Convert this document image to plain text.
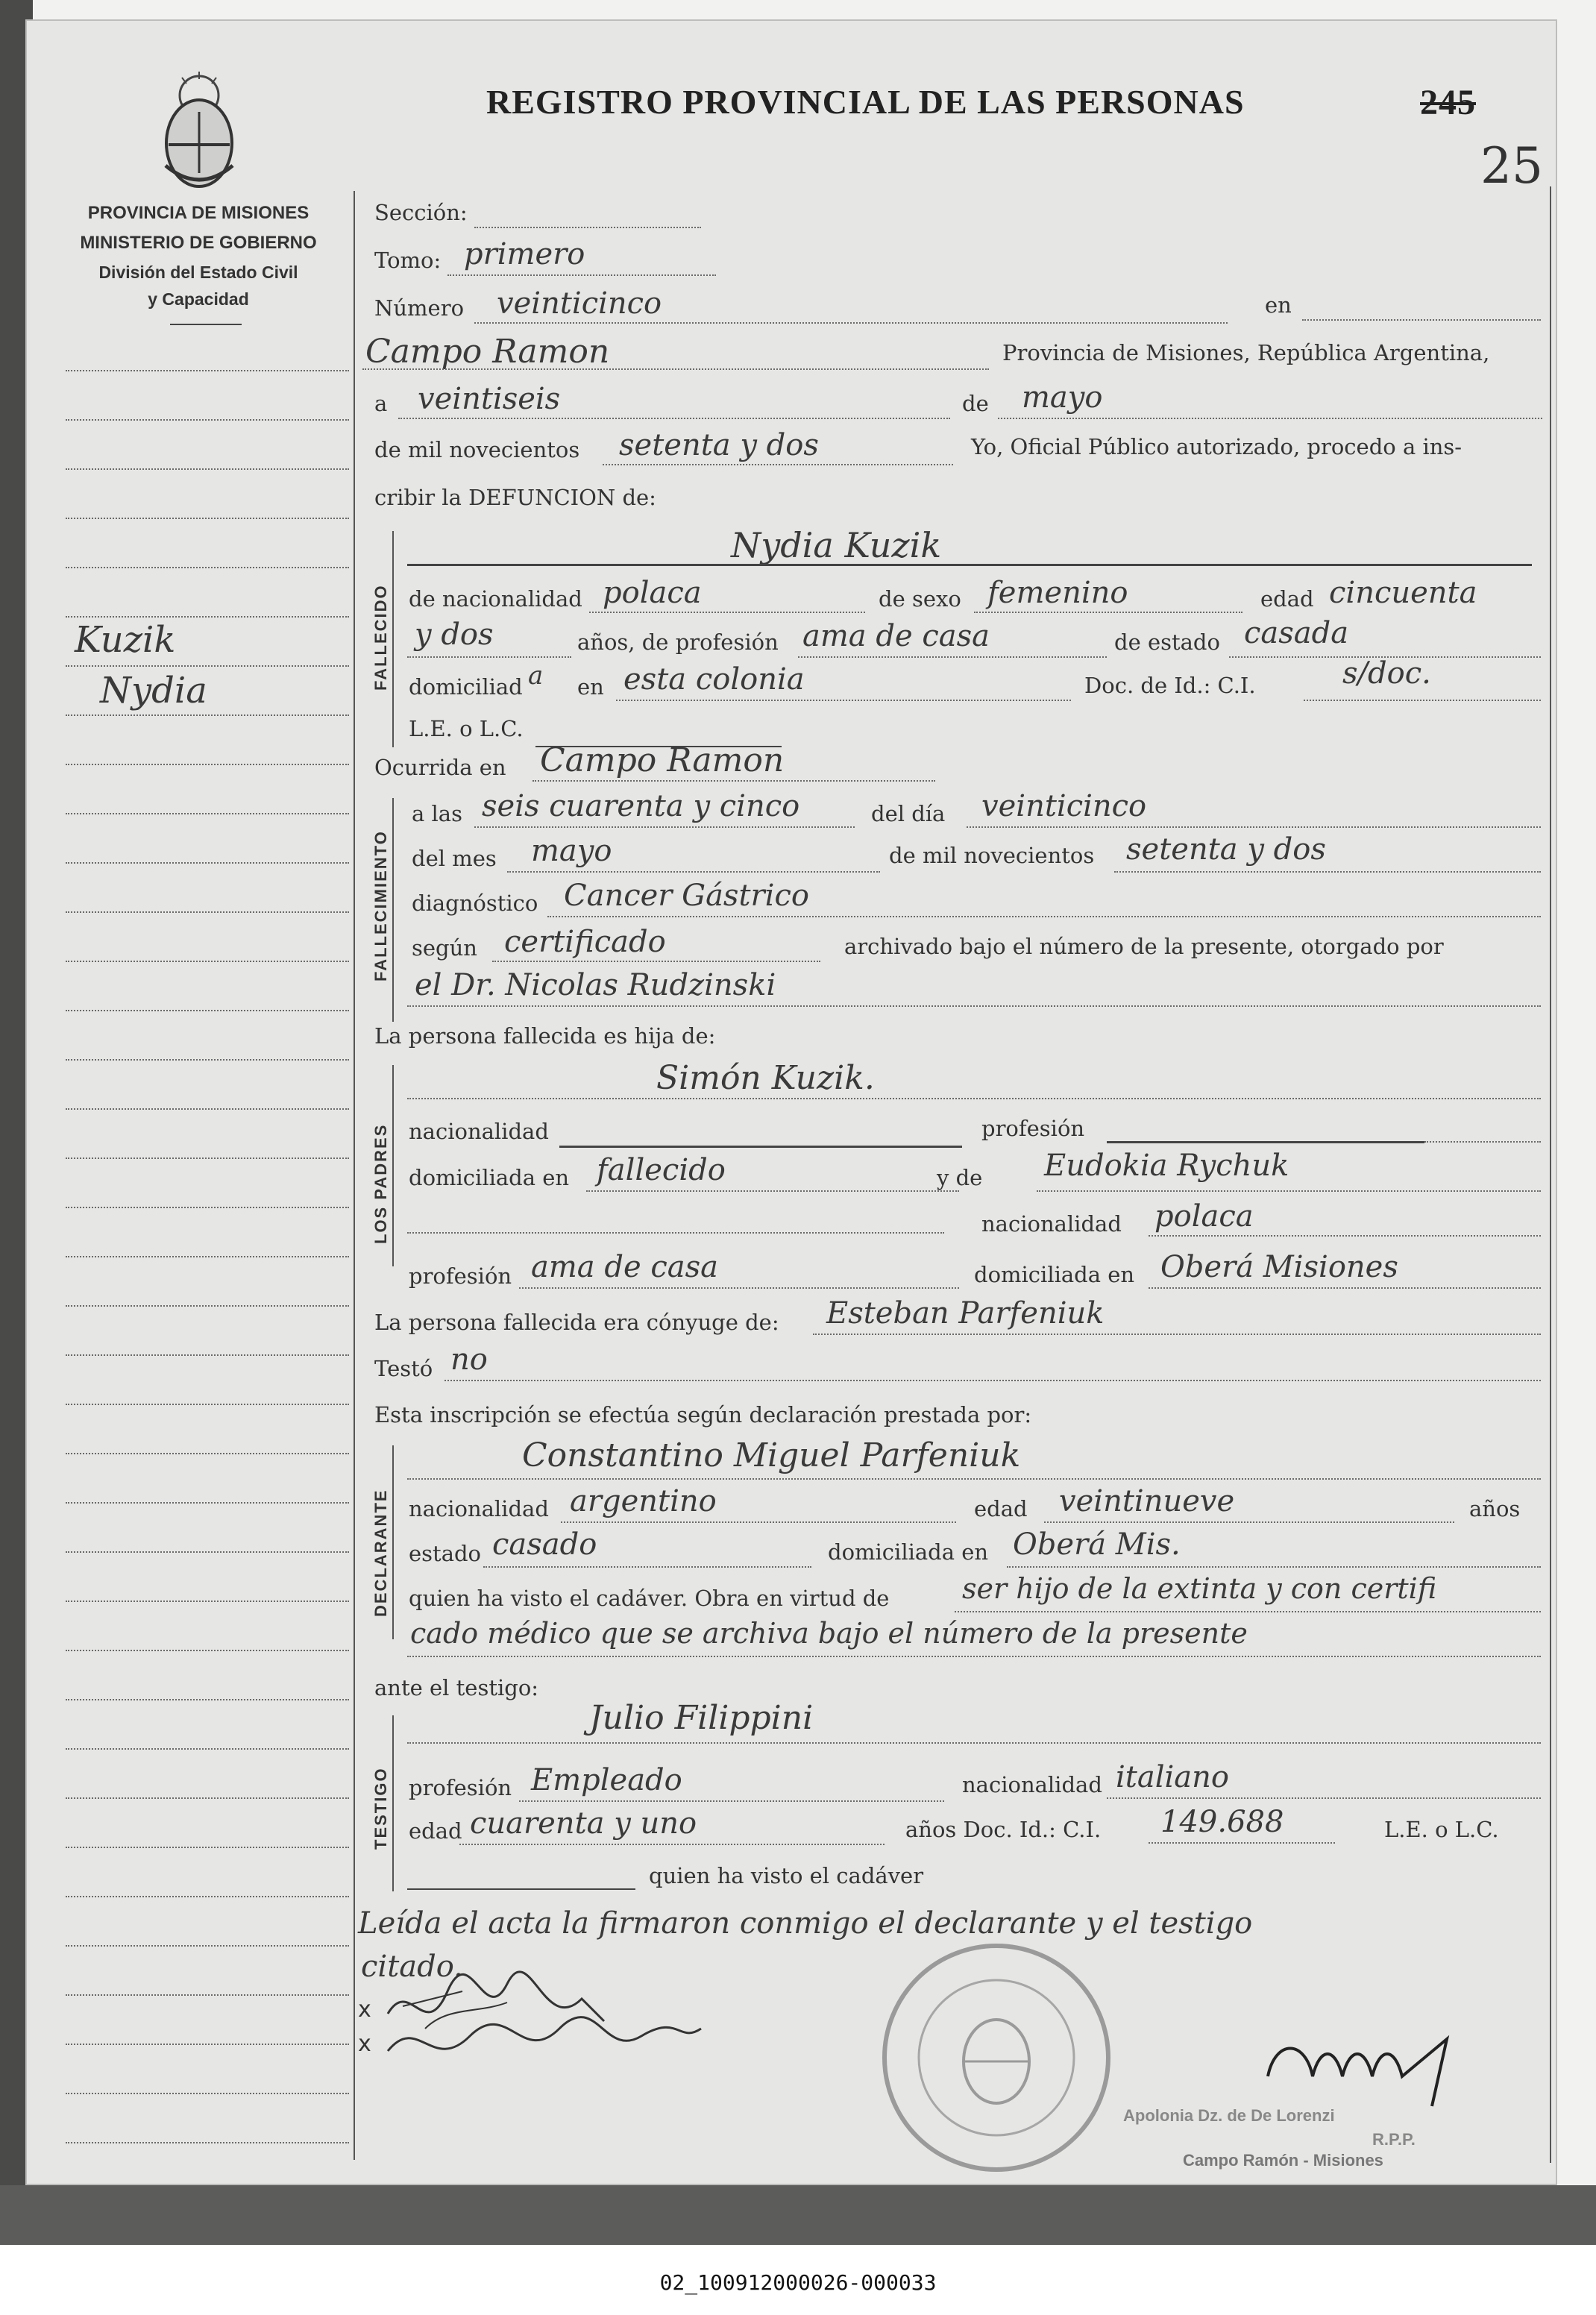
PROVINCIA DE MISIONES
MINISTERIO DE GOBIERNO
División del Estado Civil
y Capacidad
REGISTRO PROVINCIAL DE LAS PERSONAS	245
25
Kuzik
Nydia
Sección:
Tomo: primero
Número veinticinco	en
Campo Ramon	Provincia de Misiones, República Argentina,
a veintiseis	de mayo
de mil novecientos setenta y dos	Yo, Oficial Público autorizado, procedo a ins-
cribir la DEFUNCION de:
FALLECIDO
Nydia Kuzik
de nacionalidad polaca	de sexo femenino	edad cincuenta
y dos	años, de profesión ama de casa	de estado casada
domiciliad a en esta colonia	Doc. de Id.: C.I.	s/doc.
L.E. o L.C.
Ocurrida en Campo Ramon
FALLECIMIENTO
a las seis cuarenta y cinco	del día veinticinco
del mes mayo	de mil novecientos setenta y dos
diagnóstico Cancer Gástrico
según certificado	archivado bajo el número de la presente, otorgado por
el Dr. Nicolas Rudzinski
La persona fallecida es hija de:
LOS PADRES
Simón Kuzik.
nacionalidad	profesión
domiciliada en fallecido	y de Eudokia Rychuk
nacionalidad polaca
profesión ama de casa	domiciliada en Oberá Misiones
La persona fallecida era cónyuge de: Esteban Parfeniuk
Testó no
Esta inscripción se efectúa según declaración prestada por:
DECLARANTE
Constantino Miguel Parfeniuk
nacionalidad argentino	edad veintinueve	años
estado casado	domiciliada en Oberá Mis.
quien ha visto el cadáver. Obra en virtud de	ser hijo de la extinta y con certifi
cado médico que se archiva bajo el número de la presente
ante el testigo:
TESTIGO
Julio Filippini
profesión Empleado	nacionalidad italiano
edad cuarenta y uno	años Doc. Id.: C.I. 149.688	L.E. o L.C.
quien ha visto el cadáver
Leída el acta la firmaron conmigo el declarante y el testigo
citado.
x
x
Apolonia Dz. de De Lorenzi
R.P.P.
Campo Ramón - Misiones
02_100912000026-000033
